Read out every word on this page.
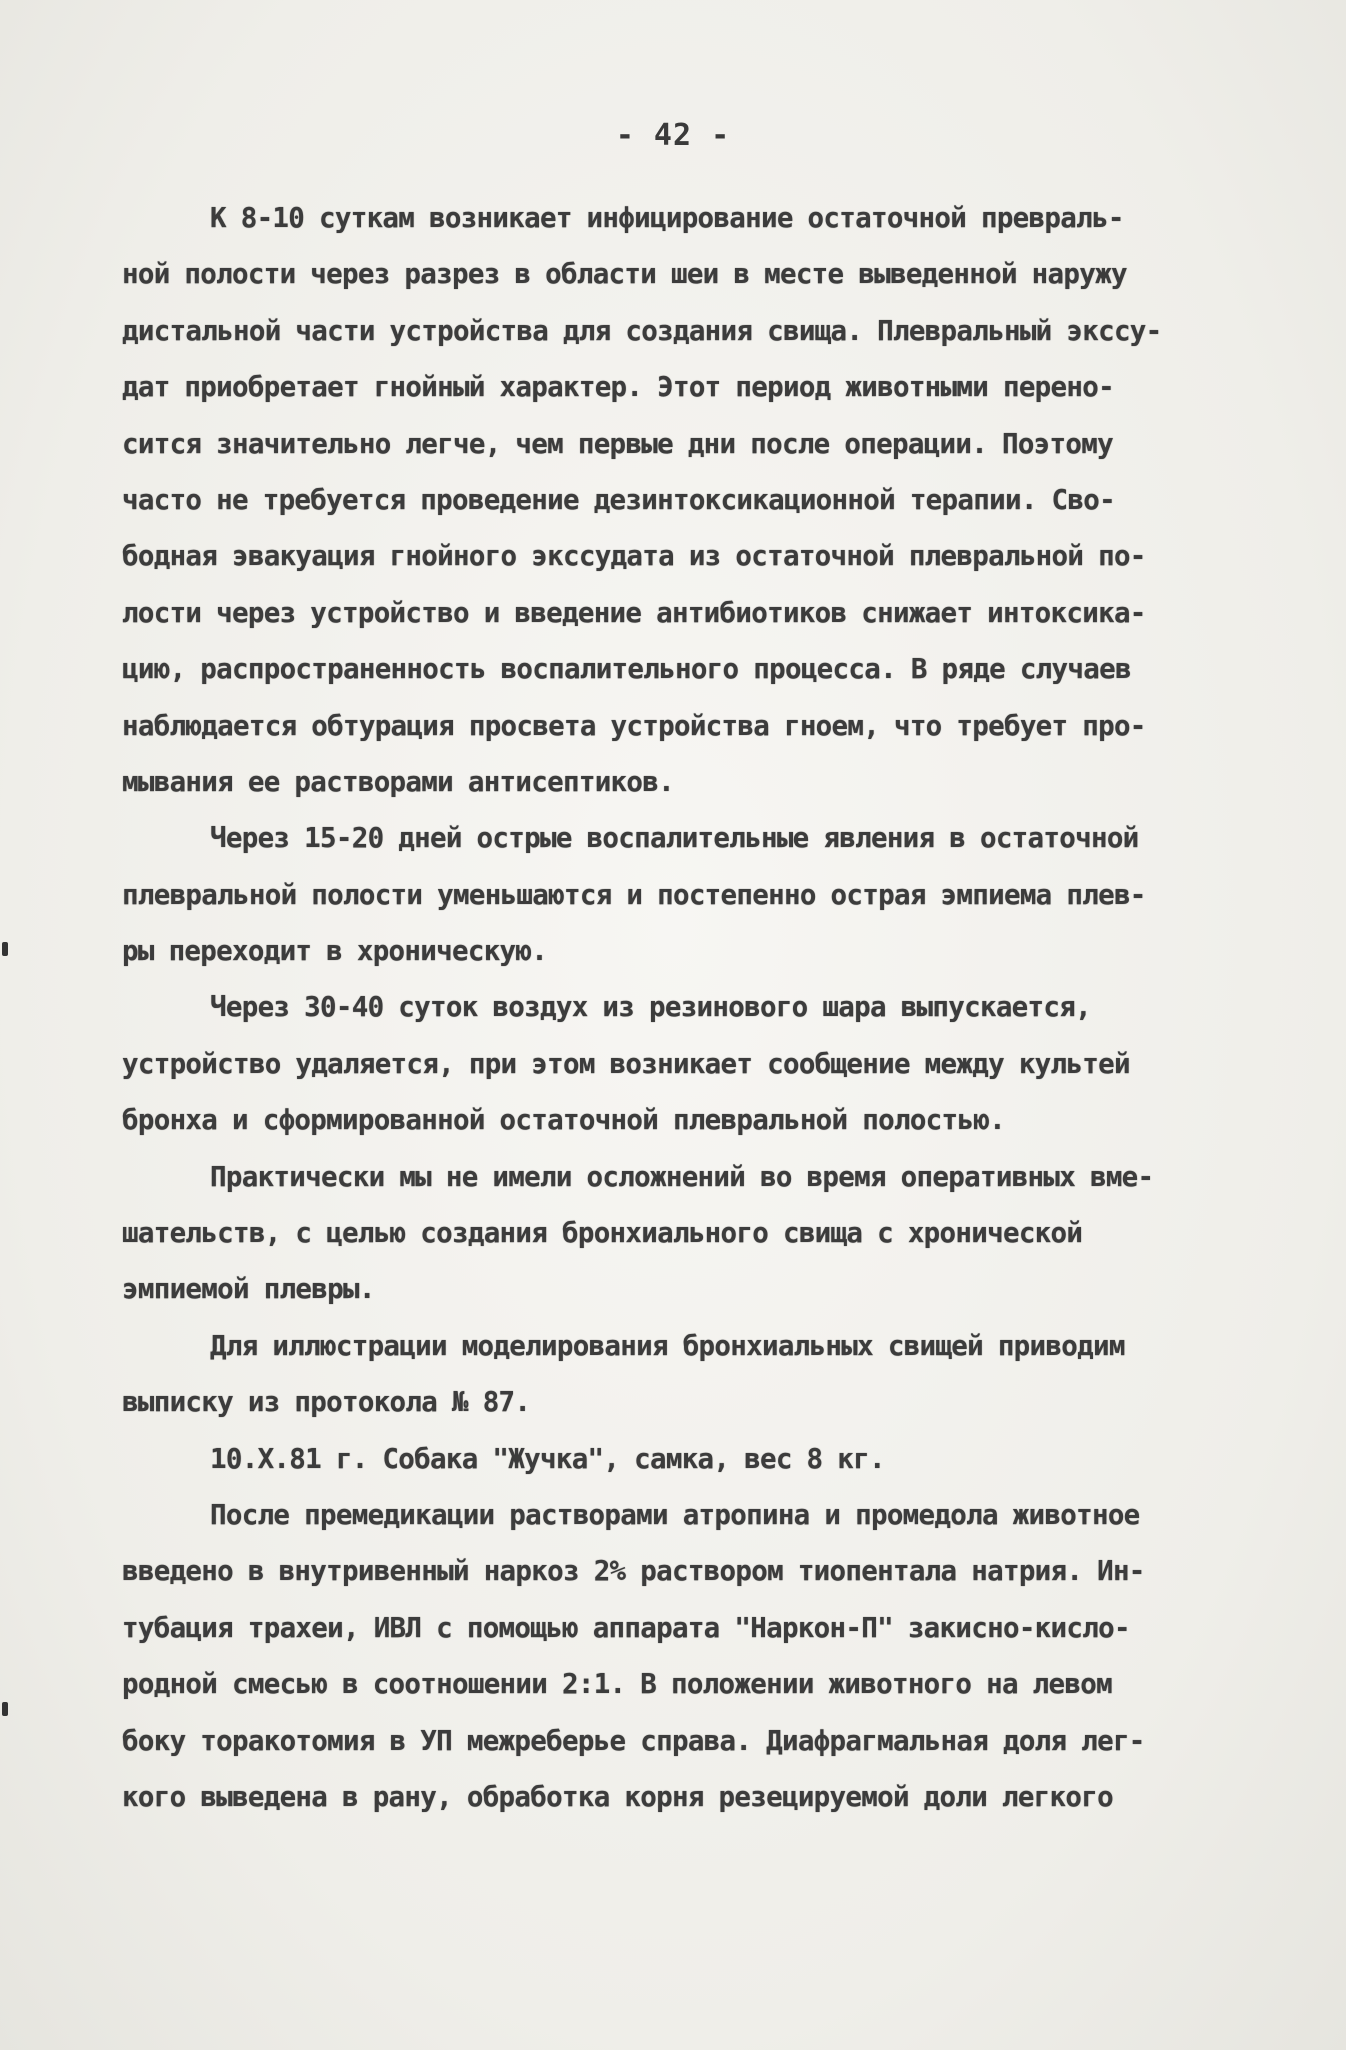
- 42 -
К 8-10 суткам возникает инфицирование остаточной превраль-
ной полости через разрез в области шеи в месте выведенной наружу
дистальной части устройства для создания свища. Плевральный экссу-
дат приобретает гнойный характер. Этот период животными перено-
сится значительно легче, чем первые дни после операции. Поэтому
часто не требуется проведение дезинтоксикационной терапии. Сво-
бодная эвакуация гнойного экссудата из остаточной плевральной по-
лости через устройство и введение антибиотиков снижает интоксика-
цию, распространенность воспалительного процесса. В ряде случаев
наблюдается обтурация просвета устройства гноем, что требует про-
мывания ее растворами антисептиков.
Через 15-20 дней острые воспалительные явления в остаточной
плевральной полости уменьшаются и постепенно острая эмпиема плев-
ры переходит в хроническую.
Через 30-40 суток воздух из резинового шара выпускается,
устройство удаляется, при этом возникает сообщение между культей
бронха и сформированной остаточной плевральной полостью.
Практически мы не имели осложнений во время оперативных вме-
шательств, с целью создания бронхиального свища с хронической
эмпиемой плевры.
Для иллюстрации моделирования бронхиальных свищей приводим
выписку из протокола № 87.
10.X.81 г. Собака "Жучка", самка, вес 8 кг.
После премедикации растворами атропина и промедола животное
введено в внутривенный наркоз 2% раствором тиопентала натрия. Ин-
тубация трахеи, ИВЛ с помощью аппарата "Наркон-П" закисно-кисло-
родной смесью в соотношении 2:1. В положении животного на левом
боку торакотомия в УП межреберье справа. Диафрагмальная доля лег-
кого выведена в рану, обработка корня резецируемой доли легкого
